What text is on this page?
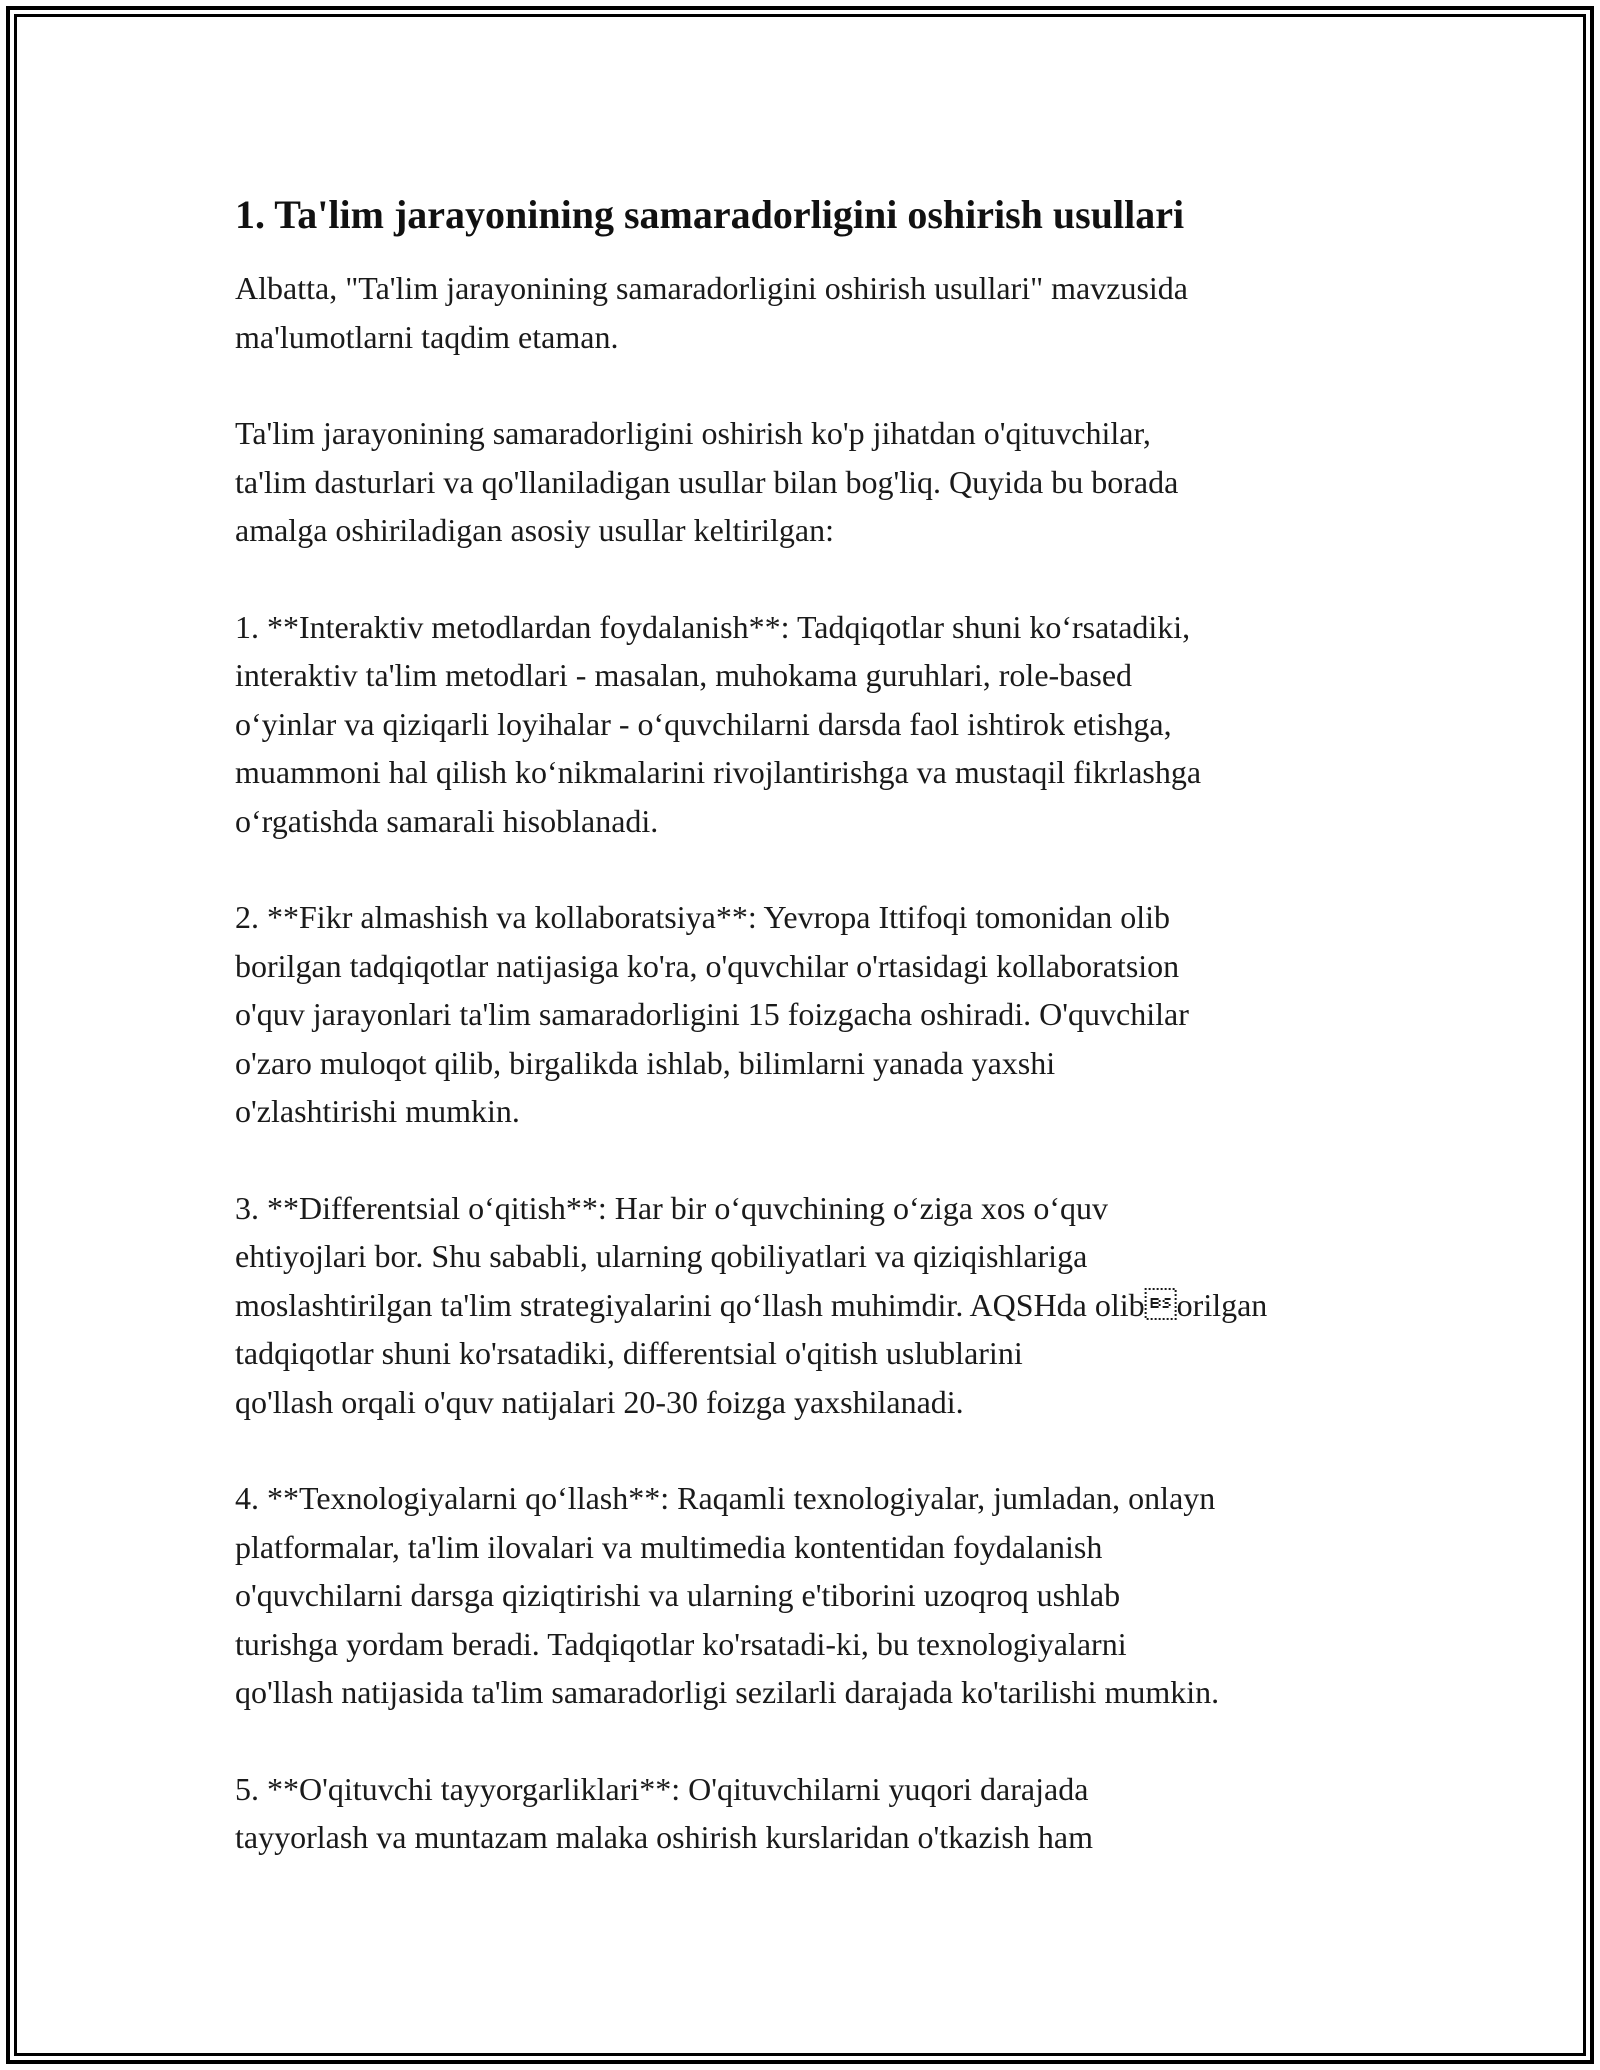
1. Ta'lim jarayonining samaradorligini oshirish usullari

Albatta, "Ta'lim jarayonining samaradorligini oshirish usullari" mavzusida
ma'lumotlarni taqdim etaman.

Ta'lim jarayonining samaradorligini oshirish ko'p jihatdan o'qituvchilar,
ta'lim dasturlari va qo'llaniladigan usullar bilan bog'liq. Quyida bu borada
amalga oshiriladigan asosiy usullar keltirilgan:

1. **Interaktiv metodlardan foydalanish**: Tadqiqotlar shuni ko‘rsatadiki,
interaktiv ta'lim metodlari - masalan, muhokama guruhlari, role-based
o‘yinlar va qiziqarli loyihalar - o‘quvchilarni darsda faol ishtirok etishga,
muammoni hal qilish ko‘nikmalarini rivojlantirishga va mustaqil fikrlashga
o‘rgatishda samarali hisoblanadi.

2. **Fikr almashish va kollaboratsiya**: Yevropa Ittifoqi tomonidan olib
borilgan tadqiqotlar natijasiga ko'ra, o'quvchilar o'rtasidagi kollaboratsion
o'quv jarayonlari ta'lim samaradorligini 15 foizgacha oshiradi. O'quvchilar
o'zaro muloqot qilib, birgalikda ishlab, bilimlarni yanada yaxshi
o'zlashtirishi mumkin.

3. **Differentsial o‘qitish**: Har bir o‘quvchining o‘ziga xos o‘quv
ehtiyojlari bor. Shu sababli, ularning qobiliyatlari va qiziqishlariga
moslashtirilgan ta'lim strategiyalarini qo‘llash muhimdir. AQSHda oliborilgan tadqiqotlar shuni ko'rsatadiki, differentsial o'qitish uslublarini
qo'llash orqali o'quv natijalari 20-30 foizga yaxshilanadi.

4. **Texnologiyalarni qo‘llash**: Raqamli texnologiyalar, jumladan, onlayn
platformalar, ta'lim ilovalari va multimedia kontentidan foydalanish
o'quvchilarni darsga qiziqtirishi va ularning e'tiborini uzoqroq ushlab
turishga yordam beradi. Tadqiqotlar ko'rsatadi-ki, bu texnologiyalarni
qo'llash natijasida ta'lim samaradorligi sezilarli darajada ko'tarilishi mumkin.

5. **O'qituvchi tayyorgarliklari**: O'qituvchilarni yuqori darajada
tayyorlash va muntazam malaka oshirish kurslaridan o'tkazish ham
